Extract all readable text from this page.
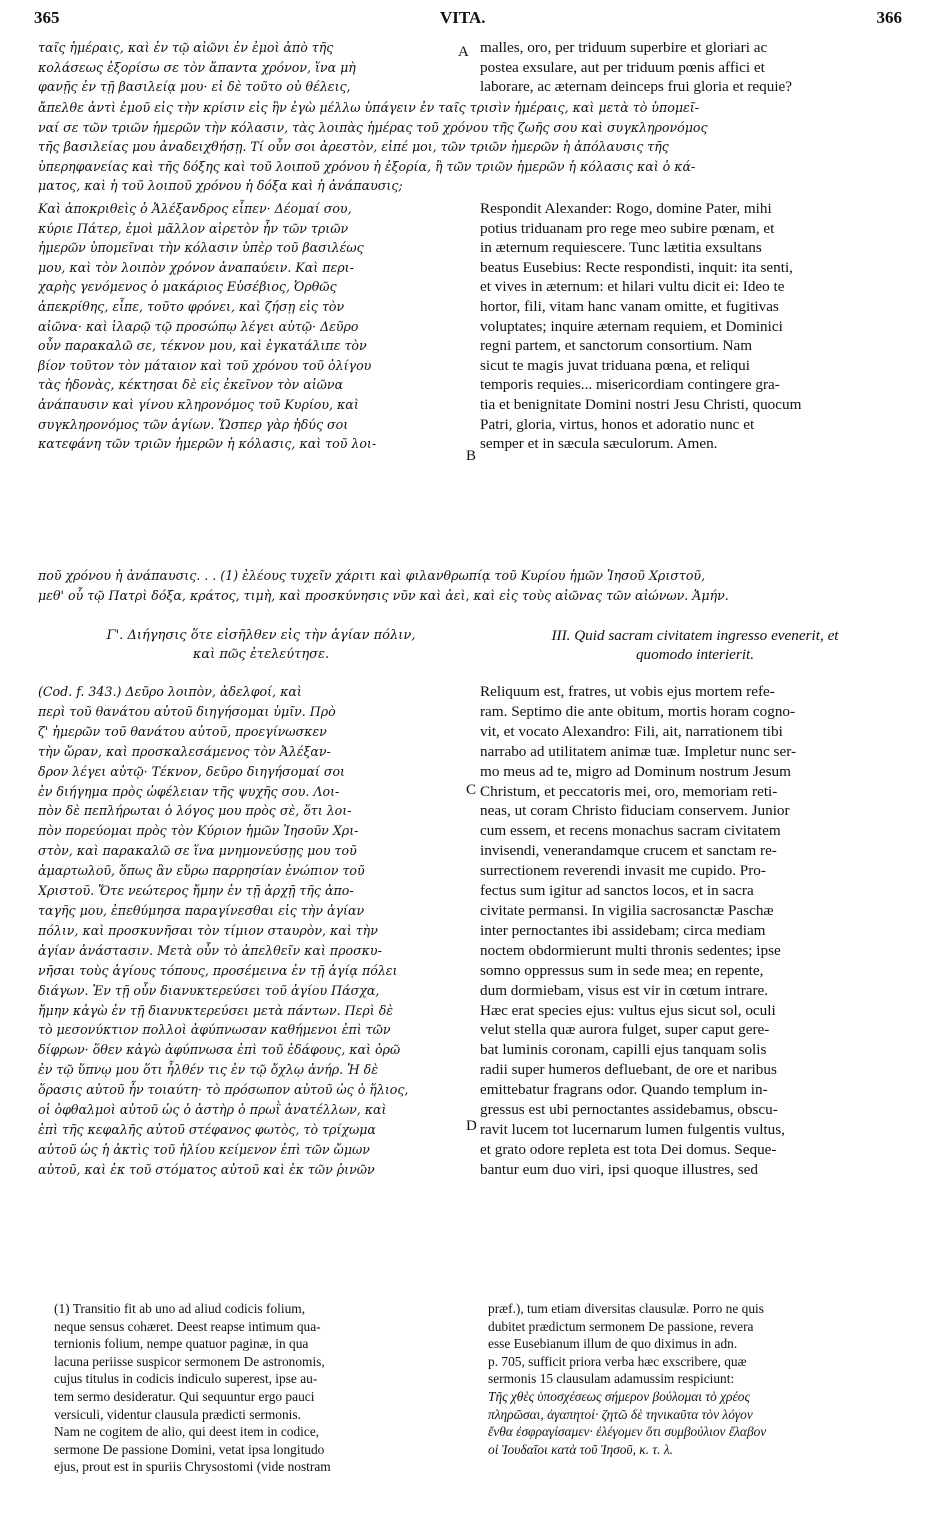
365	VITA.	366
ταῖς ἡμέραις, καὶ ἐν τῷ αἰῶνι ἐν ἐμοὶ ἀπὸ τῆς
κολάσεως ἐξορίσω σε τὸν ἅπαντα χρόνον, ἵνα μὴ
φανῇς ἐν τῇ βασιλείᾳ μου· εἰ δὲ τοῦτο οὐ θέλεις,
A malles, oro, per triduum superbire et gloriari ac
postea exsulare, aut per triduum pœnis affici et
laborare, ac æternam deinceps frui gloria et requie?
ἄπελθε ἀντὶ ἐμοῦ εἰς τὴν κρίσιν εἰς ἣν ἐγὼ μέλλω ὑπάγειν ἐν ταῖς τρισὶν ἡμέραις, καὶ μετὰ τὸ ὑπομεῖ-
ναί σε τῶν τριῶν ἡμερῶν τὴν κόλασιν, τὰς λοιπὰς ἡμέρας τοῦ χρόνου τῆς ζωῆς σου καὶ συγκληρονόμος
τῆς βασιλείας μου ἀναδειχθήσῃ. Τί οὖν σοι ἀρεστὸν, εἰπέ μοι, τῶν τριῶν ἡμερῶν ἡ ἀπόλαυσις τῆς
ὑπερηφανείας καὶ τῆς δόξης καὶ τοῦ λοιποῦ χρόνου ἡ ἐξορία, ἢ τῶν τριῶν ἡμερῶν ἡ κόλασις καὶ ὁ κά-
ματος, καὶ ἡ τοῦ λοιποῦ χρόνου ἡ δόξα καὶ ἡ ἀνάπαυσις;
Καὶ ἀποκριθεὶς ὁ Ἀλέξανδρος εἶπεν· Δέομαί σου,
κύριε Πάτερ, ἐμοὶ μᾶλλον αἱρετὸν ἦν τῶν τριῶν
ἡμερῶν ὑπομεῖναι τὴν κόλασιν ὑπὲρ τοῦ βασιλέως
μου, καὶ τὸν λοιπὸν χρόνον ἀναπαύειν. Καὶ περι-
χαρὴς γενόμενος ὁ μακάριος Εὐσέβιος, Ὀρθῶς
ἀπεκρίθης, εἶπε, τοῦτο φρόνει, καὶ ζήσῃ εἰς τὸν
αἰῶνα· καὶ ἱλαρῷ τῷ προσώπῳ λέγει αὐτῷ· Δεῦρο
οὖν παρακαλῶ σε, τέκνον μου, καὶ ἐγκατάλιπε τὸν
βίον τοῦτον τὸν μάταιον καὶ τοῦ χρόνου τοῦ ὀλίγου
τὰς ἡδονὰς, κέκτησαι δὲ εἰς ἐκεῖνον τὸν αἰῶνα
ἀνάπαυσιν καὶ γίνου κληρονόμος τοῦ Κυρίου, καὶ
συγκληρονόμος τῶν ἁγίων. Ὥσπερ γὰρ ἡδύς σοι
κατεφάνη τῶν τριῶν ἡμερῶν ἡ κόλασις, καὶ τοῦ λοι-
B
Respondit Alexander: Rogo, domine Pater, mihi
potius triduanam pro rege meo subire pœnam, et
in æternum requiescere. Tunc lætitia exsultans
beatus Eusebius: Recte respondisti, inquit: ita senti,
et vives in æternum: et hilari vultu dicit ei: Ideo te
hortor, fili, vitam hanc vanam omitte, et fugitivas
voluptates; inquire æternam requiem, et Dominici
regni partem, et sanctorum consortium. Nam
sicut te magis juvat triduana pœna, et reliqui
temporis requies... misericordiam contingere gra-
tia et benignitate Domini nostri Jesu Christi, quocum
Patri, gloria, virtus, honos et adoratio nunc et
semper et in sæcula sæculorum. Amen.
ποῦ χρόνου ἡ ἀνάπαυσις. . . (1) ἐλέους τυχεῖν χάριτι καὶ φιλανθρωπίᾳ τοῦ Κυρίου ἡμῶν Ἰησοῦ Χριστοῦ,
μεθ' οὗ τῷ Πατρὶ δόξα, κράτος, τιμὴ, καὶ προσκύνησις νῦν καὶ ἀεὶ, καὶ εἰς τοὺς αἰῶνας τῶν αἰώνων. Ἀμήν.
Γ'. Διήγησις ὅτε εἰσῆλθεν εἰς τὴν ἁγίαν πόλιν,
καὶ πῶς ἐτελεύτησε.
III. Quid sacram civitatem ingresso evenerit, et
quomodo interierit.
(Cod. f. 343.) Δεῦρο λοιπὸν, ἀδελφοί, καὶ
περὶ τοῦ θανάτου αὐτοῦ διηγήσομαι ὑμῖν. Πρὸ
ζ' ἡμερῶν τοῦ θανάτου αὐτοῦ, προεγίνωσκεν
τὴν ὥραν, καὶ προσκαλεσάμενος τὸν Ἀλέξαν-
δρον λέγει αὐτῷ· Τέκνον, δεῦρο διηγήσομαί σοι
ἐν διήγημα πρὸς ὠφέλειαν τῆς ψυχῆς σου. Λοι-
πὸν δὲ πεπλήρωται ὁ λόγος μου πρὸς σὲ, ὅτι λοι-
πὸν πορεύομαι πρὸς τὸν Κύριον ἡμῶν Ἰησοῦν Χρι-
στὸν, καὶ παρακαλῶ σε ἵνα μνημονεύσῃς μου τοῦ
ἁμαρτωλοῦ, ὅπως ἂν εὕρω παρρησίαν ἐνώπιον τοῦ
Χριστοῦ. Ὅτε νεώτερος ἤμην ἐν τῇ ἀρχῇ τῆς ἀπο-
ταγῆς μου, ἐπεθύμησα παραγίνεσθαι εἰς τὴν ἁγίαν
πόλιν, καὶ προσκυνῆσαι τὸν τίμιον σταυρὸν, καὶ τὴν
ἁγίαν ἀνάστασιν. Μετὰ οὖν τὸ ἀπελθεῖν καὶ προσκυ-
νῆσαι τοὺς ἁγίους τόπους, προσέμεινα ἐν τῇ ἁγίᾳ πόλει
διάγων. Ἐν τῇ οὖν διανυκτερεύσει τοῦ ἁγίου Πάσχα,
ἤμην κἀγὼ ἐν τῇ διανυκτερεύσει μετὰ πάντων. Περὶ δὲ
τὸ μεσονύκτιον πολλοὶ ἀφύπνωσαν καθήμενοι ἐπὶ τῶν
δίφρων· ὅθεν κἀγὼ ἀφύπνωσα ἐπὶ τοῦ ἐδάφους, καὶ ὁρῶ
ἐν τῷ ὕπνῳ μου ὅτι ἦλθέν τις ἐν τῷ ὄχλῳ ἀνήρ. Ἡ δὲ
ὅρασις αὐτοῦ ἦν τοιαύτη· τὸ πρόσωπον αὐτοῦ ὡς ὁ ἥλιος,
οἱ ὀφθαλμοὶ αὐτοῦ ὡς ὁ ἀστὴρ ὁ πρωῒ ἀνατέλλων, καὶ
ἐπὶ τῆς κεφαλῆς αὐτοῦ στέφανος φωτὸς, τὸ τρίχωμα
αὐτοῦ ὡς ἡ ἀκτὶς τοῦ ἡλίου κείμενον ἐπὶ τῶν ὤμων
αὐτοῦ, καὶ ἐκ τοῦ στόματος αὐτοῦ καὶ ἐκ τῶν ῥινῶν
C
D
Reliquum est, fratres, ut vobis ejus mortem refe-
ram. Septimo die ante obitum, mortis horam cogno-
vit, et vocato Alexandro: Fili, ait, narrationem tibi
narrabo ad utilitatem animæ tuæ. Impletur nunc ser-
mo meus ad te, migro ad Dominum nostrum Jesum
Christum, et peccatoris mei, oro, memoriam reti-
neas, ut coram Christo fiduciam conservem. Junior
cum essem, et recens monachus sacram civitatem
invisendi, venerandamque crucem et sanctam re-
surrectionem reverendi invasit me cupido. Pro-
fectus sum igitur ad sanctos locos, et in sacra
civitate permansi. In vigilia sacrosanctæ Paschæ
inter pernoctantes ibi assidebam; circa mediam
noctem obdormierunt multi thronis sedentes; ipse
somno oppressus sum in sede mea; en repente,
dum dormiebam, visus est vir in cœtum intrare.
Hæc erat species ejus: vultus ejus sicut sol, oculi
velut stella quæ aurora fulget, super caput gere-
bat luminis coronam, capilli ejus tanquam solis
radii super humeros defluebant, de ore et naribus
emittebatur fragrans odor. Quando templum in-
gressus est ubi pernoctantes assidebamus, obscu-
ravit lucem tot lucernarum lumen fulgentis vultus,
et grato odore repleta est tota Dei domus. Seque-
bantur eum duo viri, ipsi quoque illustres, sed
(1) Transitio fit ab uno ad aliud codicis folium,
neque sensus cohæret. Deest reapse intimum qua-
ternionis folium, nempe quatuor paginæ, in qua
lacuna periisse suspicor sermonem De astronomis,
cujus titulus in codicis indiculo superest, ipse au-
tem sermo desideratur. Qui sequuntur ergo pauci
versiculi, videntur clausula prædicti sermonis.
Nam ne cogitem de alio, qui deest item in codice,
sermone De passione Domini, vetat ipsa longitudo
ejus, prout est in spuriis Chrysostomi (vide nostram
præf.), tum etiam diversitas clausulæ. Porro ne quis
dubitet prædictum sermonem De passione, revera
esse Eusebianum illum de quo diximus in adn.
p. 705, sufficit priora verba hæc exscribere, quæ
sermonis 15 clausulam adamussim respiciunt:
Τῆς χθὲς ὑποσχέσεως σήμερον βούλομαι τὸ χρέος
πληρῶσαι, ἀγαπητοί· ζητῶ δὲ τηνικαῦτα τὸν λόγον
ἔνθα ἐσφραγίσαμεν· ἐλέγομεν ὅτι συμβούλιον ἔλαβον
οἱ Ἰουδαῖοι κατὰ τοῦ Ἰησοῦ, κ. τ. λ.
